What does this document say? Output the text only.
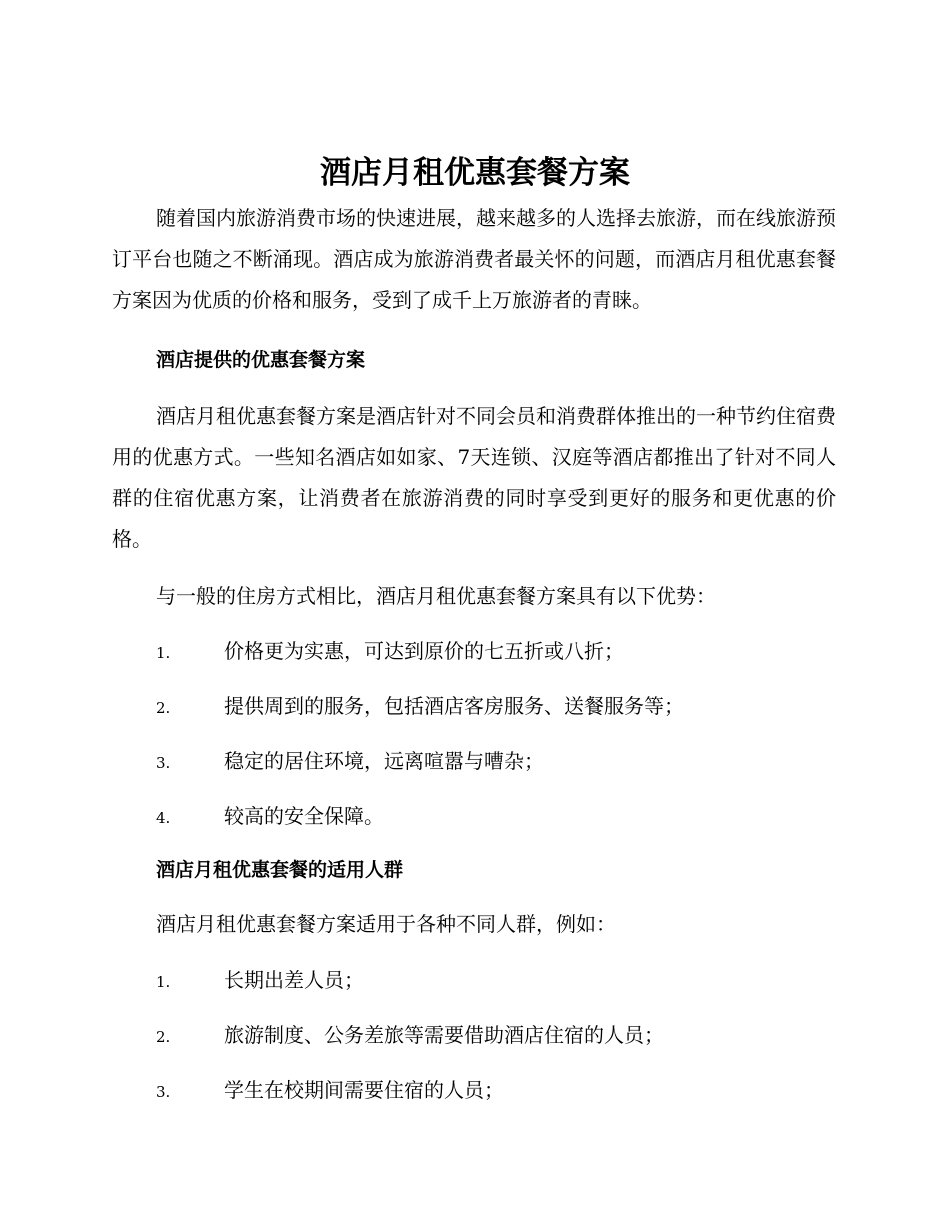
酒店月租优惠套餐方案
随着国内旅游消费市场的快速进展，越来越多的人选择去旅游，而在线旅游预订平台也随之不断涌现。酒店成为旅游消费者最关怀的问题，而酒店月租优惠套餐方案因为优质的价格和服务，受到了成千上万旅游者的青睐。
酒店提供的优惠套餐方案
酒店月租优惠套餐方案是酒店针对不同会员和消费群体推出的一种节约住宿费用的优惠方式。一些知名酒店如如家、7天连锁、汉庭等酒店都推出了针对不同人群的住宿优惠方案，让消费者在旅游消费的同时享受到更好的服务和更优惠的价格。
与一般的住房方式相比，酒店月租优惠套餐方案具有以下优势：
1.	价格更为实惠，可达到原价的七五折或八折；
2.	提供周到的服务，包括酒店客房服务、送餐服务等；
3.	稳定的居住环境，远离喧嚣与嘈杂；
4.	较高的安全保障。
酒店月租优惠套餐的适用人群
酒店月租优惠套餐方案适用于各种不同人群，例如：
1.	长期出差人员；
2.	旅游制度、公务差旅等需要借助酒店住宿的人员；
3.	学生在校期间需要住宿的人员；
